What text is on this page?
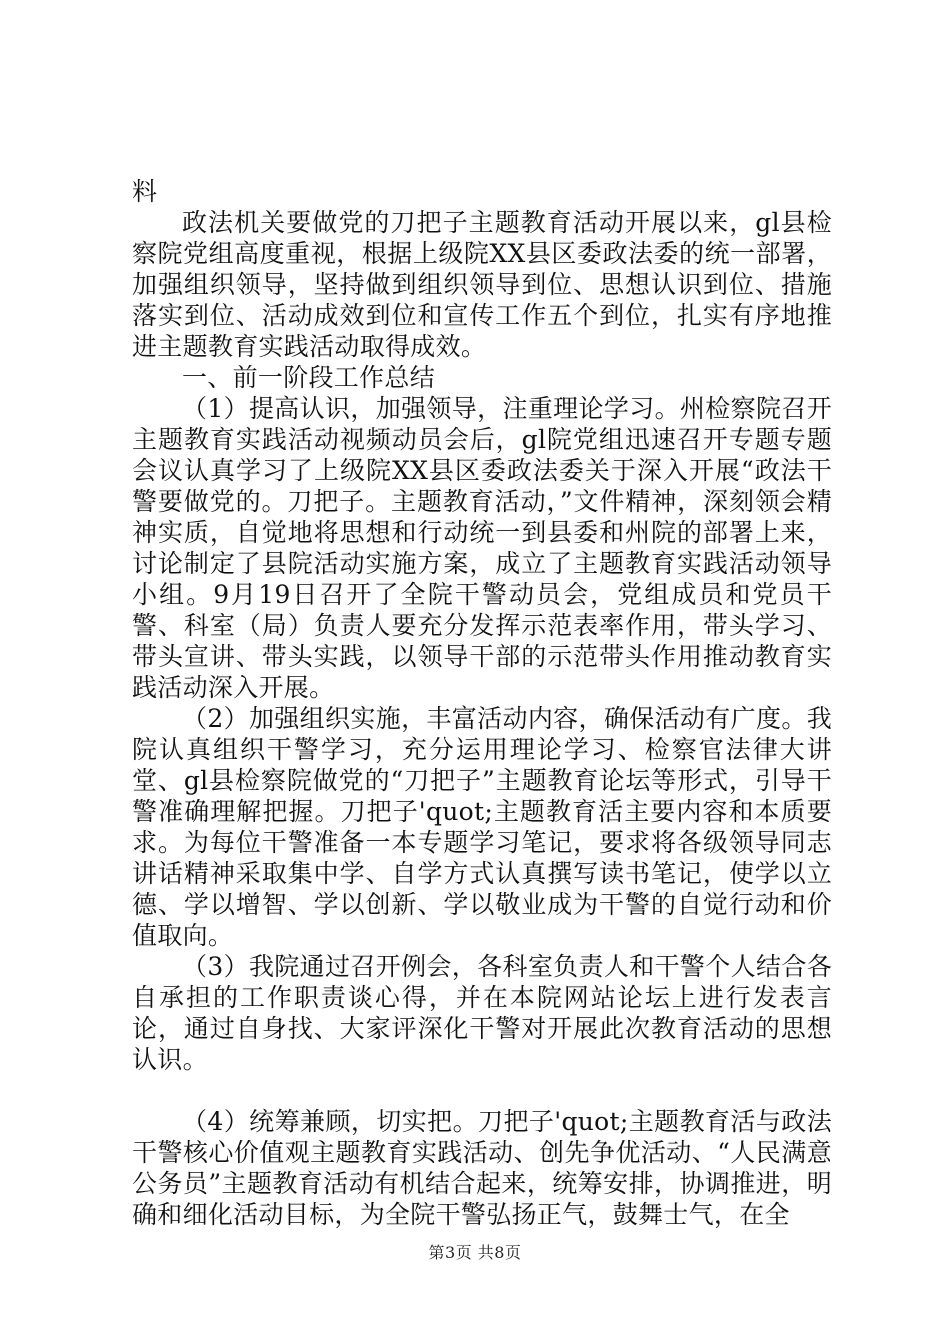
料

政法机关要做党的刀把子主题教育活动开展以来，gl县检察院党组高度重视，根据上级院XX县区委政法委的统一部署，加强组织领导，坚持做到组织领导到位、思想认识到位、措施落实到位、活动成效到位和宣传工作五个到位，扎实有序地推进主题教育实践活动取得成效。

一、前一阶段工作总结

（1）提高认识，加强领导，注重理论学习。州检察院召开主题教育实践活动视频动员会后，gl院党组迅速召开专题专题会议认真学习了上级院XX县区委政法委关于深入开展“政法干警要做党的。刀把子。主题教育活动，”文件精神，深刻领会精神实质，自觉地将思想和行动统一到县委和州院的部署上来，讨论制定了县院活动实施方案，成立了主题教育实践活动领导小组。9月19日召开了全院干警动员会，党组成员和党员干警、科室（局）负责人要充分发挥示范表率作用，带头学习、带头宣讲、带头实践，以领导干部的示范带头作用推动教育实践活动深入开展。

（2）加强组织实施，丰富活动内容，确保活动有广度。我院认真组织干警学习，充分运用理论学习、检察官法律大讲堂、gl县检察院做党的“刀把子”主题教育论坛等形式，引导干警准确理解把握。刀把子'quot;主题教育活主要内容和本质要求。为每位干警准备一本专题学习笔记，要求将各级领导同志讲话精神采取集中学、自学方式认真撰写读书笔记，使学以立德、学以增智、学以创新、学以敬业成为干警的自觉行动和价值取向。

（3）我院通过召开例会，各科室负责人和干警个人结合各自承担的工作职责谈心得，并在本院网站论坛上进行发表言论，通过自身找、大家评深化干警对开展此次教育活动的思想认识。

（4）统筹兼顾，切实把。刀把子'quot;主题教育活与政法干警核心价值观主题教育实践活动、创先争优活动、“人民满意公务员”主题教育活动有机结合起来，统筹安排，协调推进，明确和细化活动目标，为全院干警弘扬正气，鼓舞士气，在全

第3页 共8页
